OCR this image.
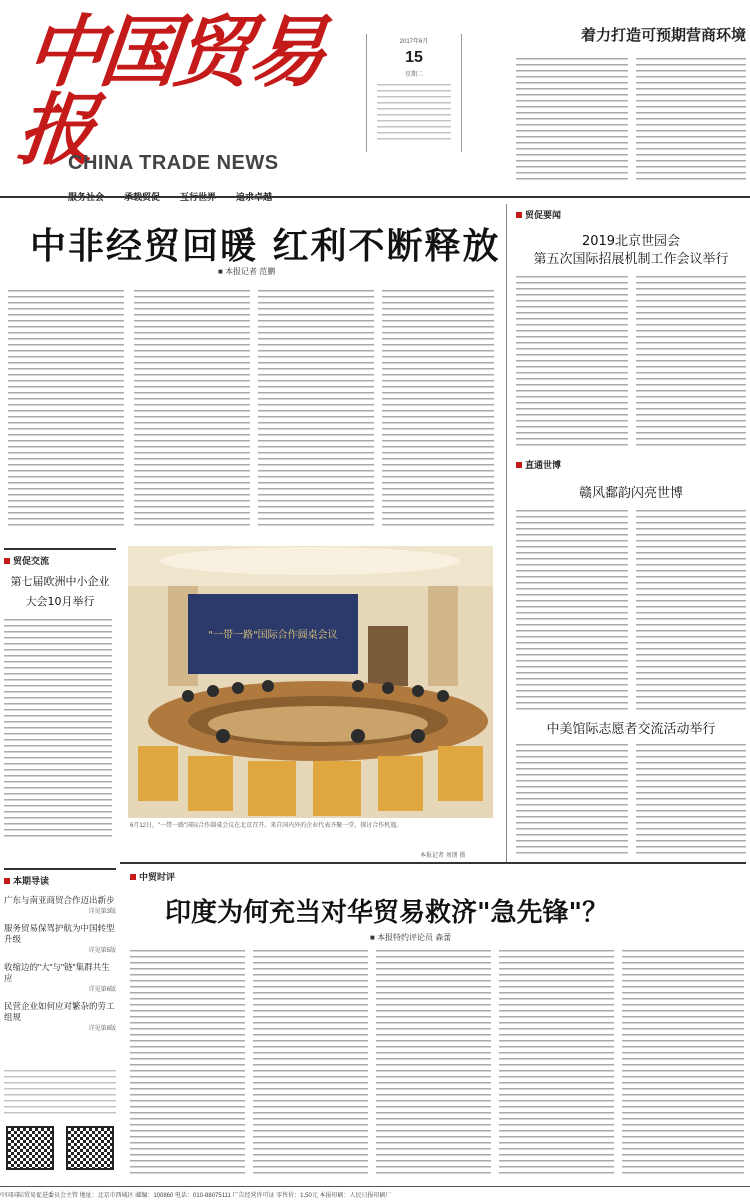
中国贸易报
CHINA TRADE NEWS
2017年6月
15
星期二
着力打造可预期营商环境
中非经贸回暖 红利不断释放
■ 本报记者 范鹏
贸促要闻
2019北京世园会
第五次国际招展机制工作会议举行
直通世博
赣风鄱韵闪亮世博
中美馆际志愿者交流活动举行
贸促交流
第七届欧洲中小企业
大会10月举行
本期导读
广东与南亚商贸合作迈出新步
详见第3版
服务贸易保驾护航为中国转型升级
详见第5版
收缩边的"大"与"链"集群共生应
详见第6版
民营企业如何应对繁杂的劳工组规
详见第8版
"一带一路"国际合作圆桌会议
6月12日，"一带一路"国际合作圆桌会议在北京召开。来自国内外的企业代表齐聚一堂，探讨合作机遇。
本报记者 刘朋 摄
中贸时评
印度为何充当对华贸易救济"急先锋"？
■ 本报特约评论员 森蕾
中国国际贸易促进委员会主管 地址：北京市西城区 邮编：100860 电话：010-88075111 广告经营许可证 零售价：1.50元 本报印刷：人民日报印刷厂
